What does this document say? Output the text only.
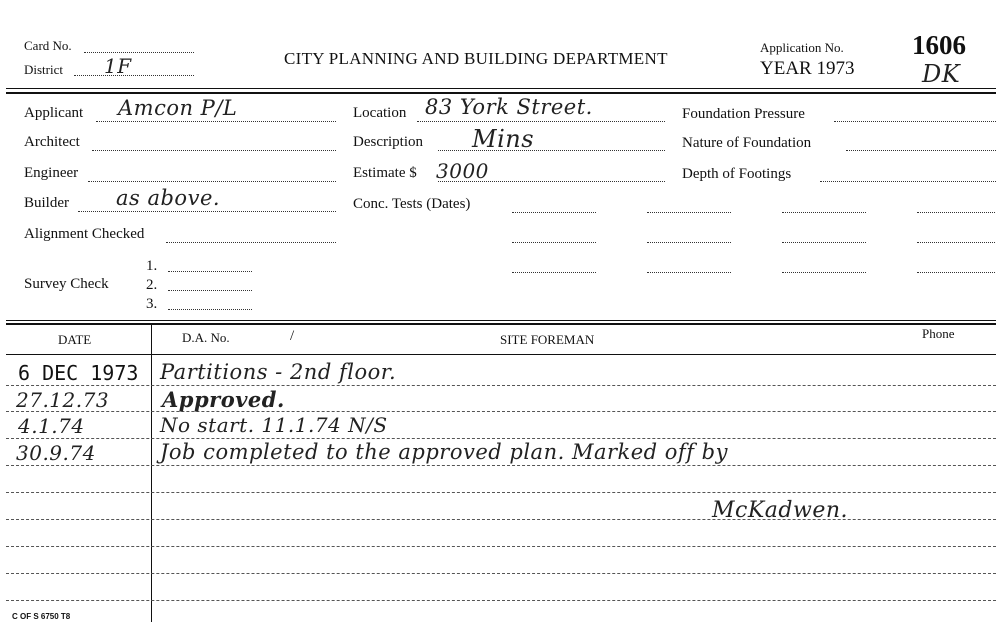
Card No.
District 1F	CITY PLANNING AND BUILDING DEPARTMENT
Application No.
YEAR 1973
1606
DK
Applicant Amcon P/L
Architect
Engineer
Builder as above.
Alignment Checked
Survey Check
1.
2.
3.
Location 83 York Street.
Description Mins
Estimate $ 3000
Conc. Tests (Dates)
Foundation Pressure
Nature of Foundation
Depth of Footings
DATE	D.A. No.	/	SITE FOREMAN	Phone
6 DEC 1973 Partitions - 2nd floor.
27.12.73	Approved.
4.1.74	No start. 11.1.74 N/S
30.9.74	Job completed to the approved plan. Marked off by
McKadwen.
C OF S 6750 T8
